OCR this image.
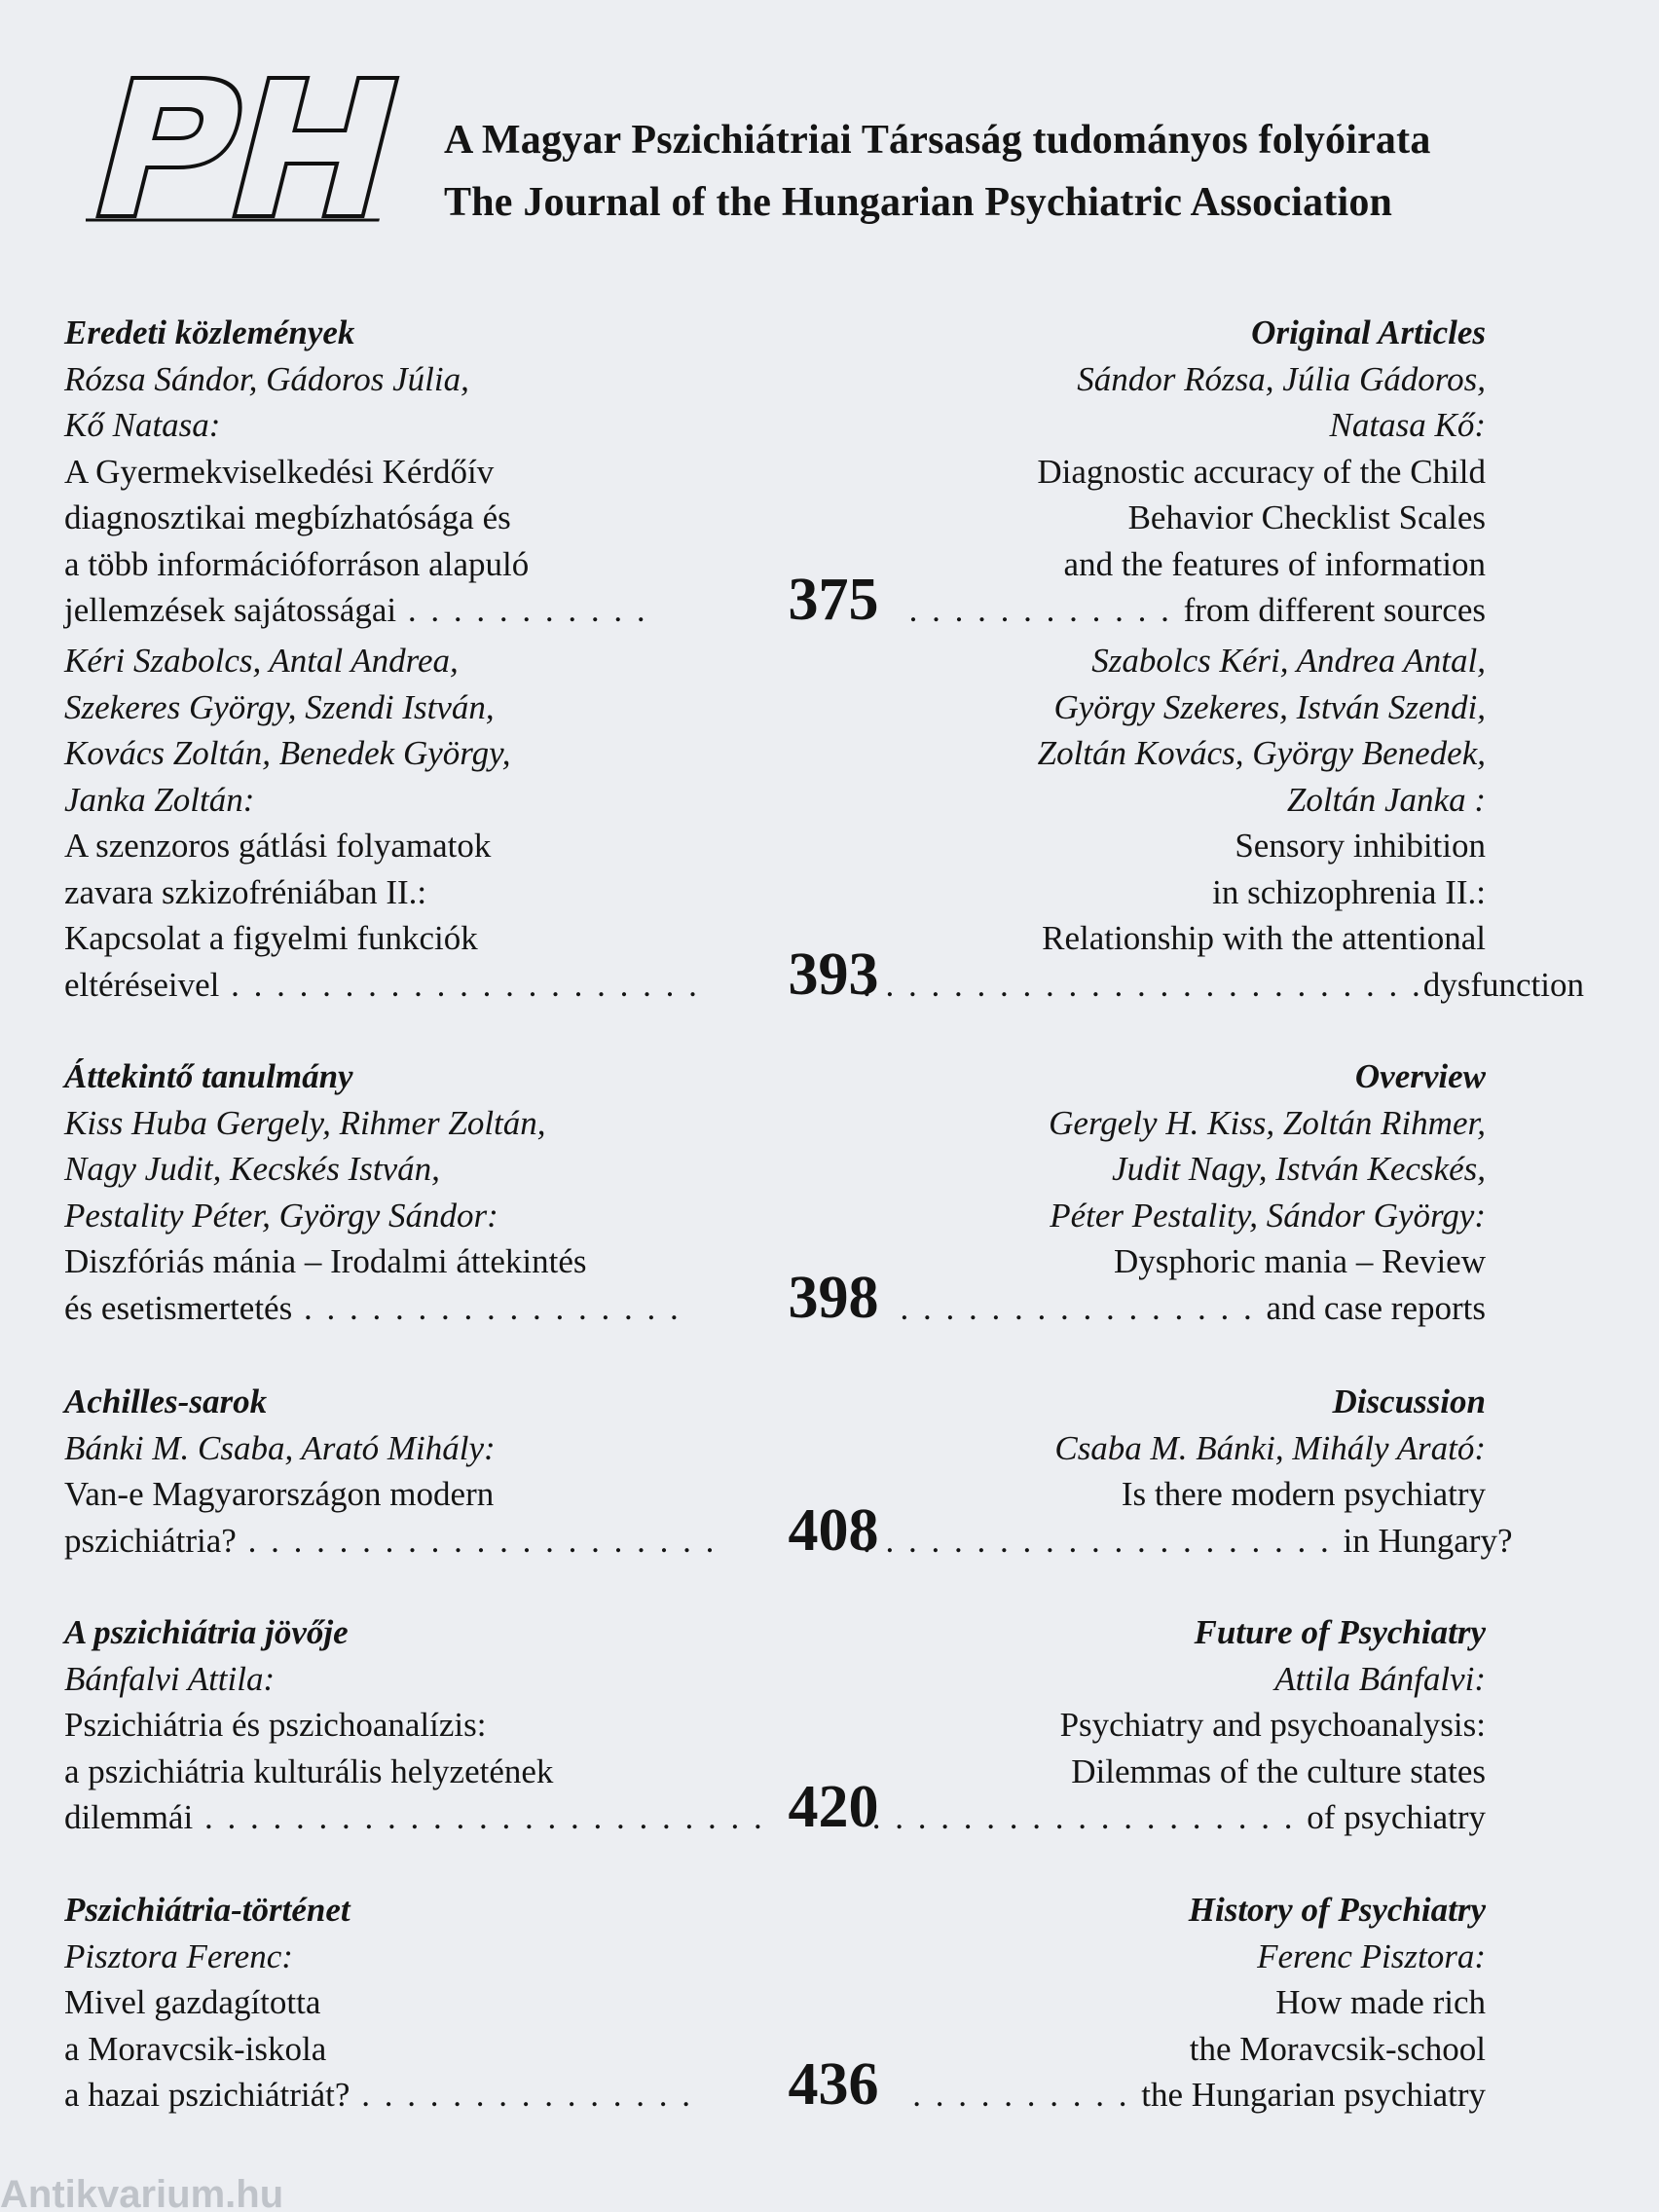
A Magyar Pszichiátriai Társaság tudományos folyóirata
The Journal of the Hungarian Psychiatric Association
Eredeti közlemények
Rózsa Sándor, Gádoros Júlia,
Kő Natasa:
A Gyermekviselkedési Kérdőív
diagnosztikai megbízhatósága és
a több információforráson alapuló
jellemzések sajátosságai . . . . . . . . . . .
Original Articles
Sándor Rózsa, Júlia Gádoros,
Natasa Kő:
Diagnostic accuracy of the Child
Behavior Checklist Scales
and the features of information
. . . . . . . . . . . . from different sources
375
Kéri Szabolcs, Antal Andrea,
Szekeres György, Szendi István,
Kovács Zoltán, Benedek György,
Janka Zoltán:
A szenzoros gátlási folyamatok
zavara szkizofréniában II.:
Kapcsolat a figyelmi funkciók
eltéréseivel . . . . . . . . . . . . . . . . . . . . .
Szabolcs Kéri, Andrea Antal,
György Szekeres, István Szendi,
Zoltán Kovács, György Benedek,
Zoltán Janka :
Sensory inhibition
in schizophrenia II.:
Relationship with the attentional
. . . . . . . . . . . . . . . . . . . . . . . . .dysfunction
393
Áttekintő tanulmány
Kiss Huba Gergely, Rihmer Zoltán,
Nagy Judit, Kecskés István,
Pestality Péter, György Sándor:
Diszfóriás mánia – Irodalmi áttekintés
és esetismertetés . . . . . . . . . . . . . . . . .
Overview
Gergely H. Kiss, Zoltán Rihmer,
Judit Nagy, István Kecskés,
Péter Pestality, Sándor György:
Dysphoric mania – Review
. . . . . . . . . . . . . . . . and case reports
398
Achilles-sarok
Bánki M. Csaba, Arató Mihály:
Van-e Magyarországon modern
pszichiátria? . . . . . . . . . . . . . . . . . . . . .
Discussion
Csaba M. Bánki, Mihály Arató:
Is there modern psychiatry
. . . . . . . . . . . . . . . . . . . . . in Hungary?
408
A pszichiátria jövője
Bánfalvi Attila:
Pszichiátria és pszichoanalízis:
a pszichiátria kulturális helyzetének
dilemmái . . . . . . . . . . . . . . . . . . . . . . . . .
Future of Psychiatry
Attila Bánfalvi:
Psychiatry and psychoanalysis:
Dilemmas of the culture states
. . . . . . . . . . . . . . . . . . . of psychiatry
420
Pszichiátria-történet
Pisztora Ferenc:
Mivel gazdagította
a Moravcsik-iskola
a hazai pszichiátriát? . . . . . . . . . . . . . . .
History of Psychiatry
Ferenc Pisztora:
How made rich
the Moravcsik-school
. . . . . . . . . . the Hungarian psychiatry
436
Antikvarium.hu
